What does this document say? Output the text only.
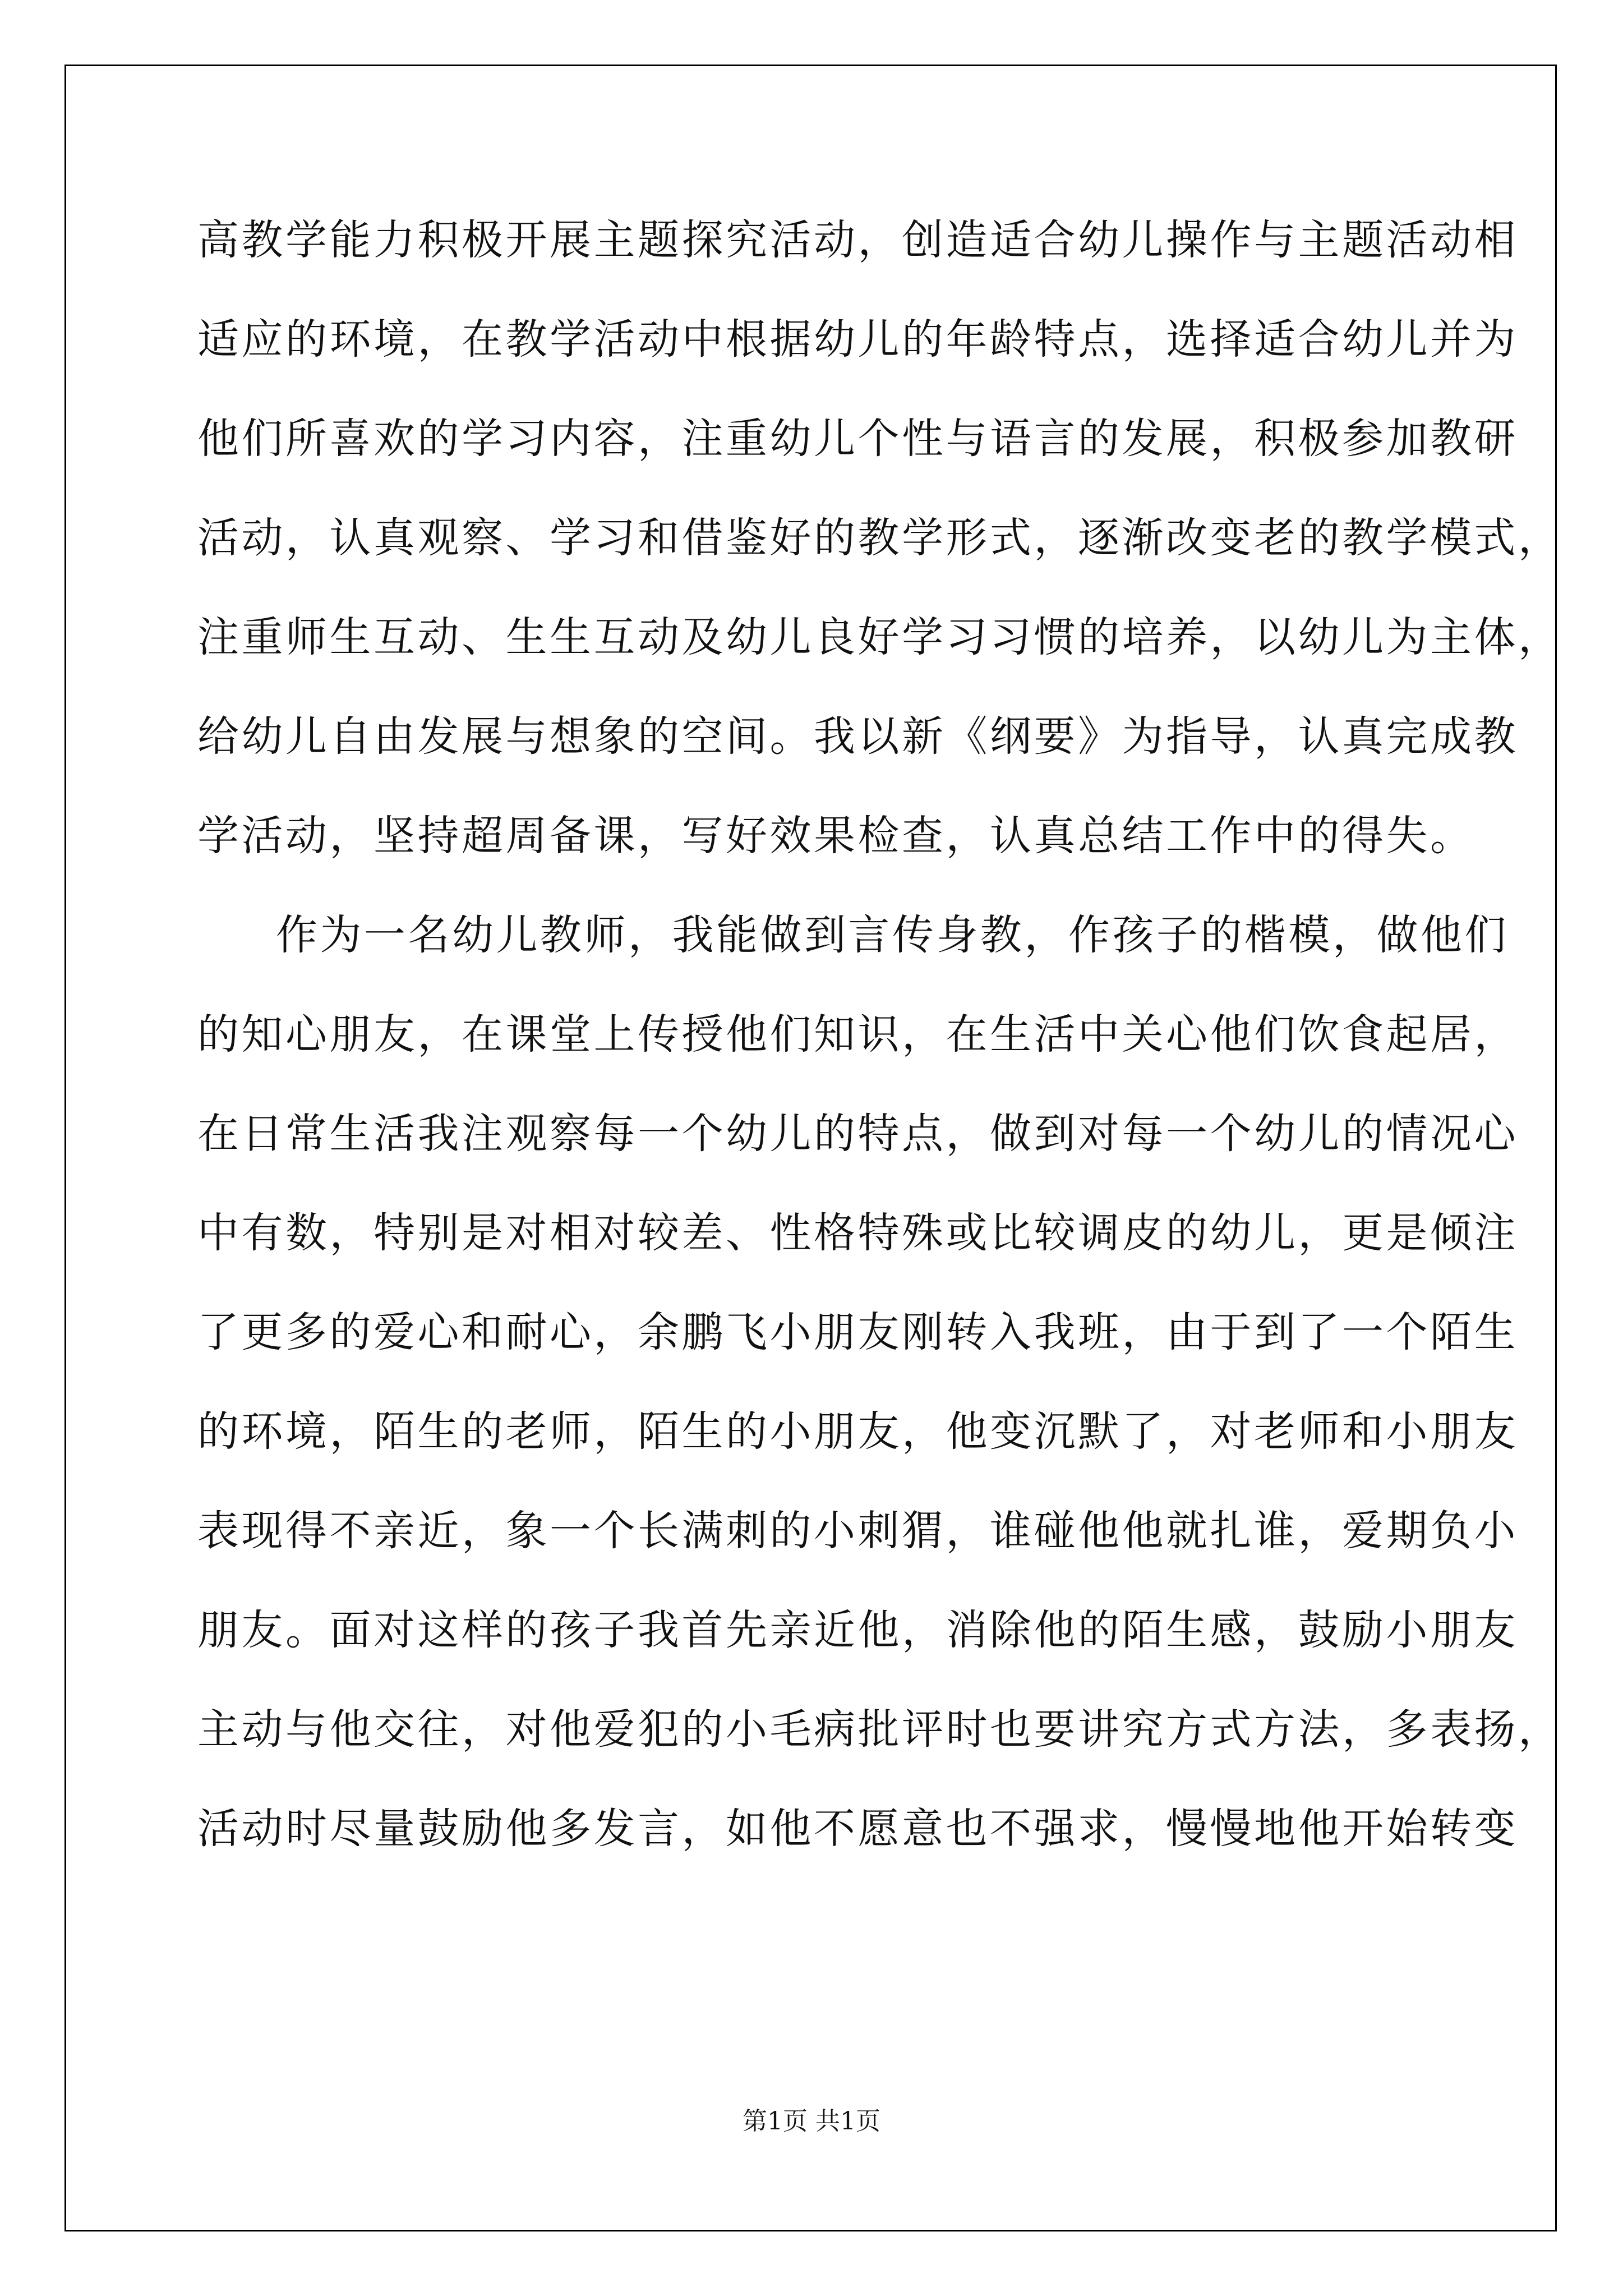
高教学能力积极开展主题探究活动，创造适合幼儿操作与主题活动相
适应的环境，在教学活动中根据幼儿的年龄特点，选择适合幼儿并为
他们所喜欢的学习内容，注重幼儿个性与语言的发展，积极参加教研
活动，认真观察、学习和借鉴好的教学形式，逐渐改变老的教学模式，
注重师生互动、生生互动及幼儿良好学习习惯的培养，以幼儿为主体，
给幼儿自由发展与想象的空间。我以新《纲要》为指导，认真完成教
学活动，坚持超周备课，写好效果检查，认真总结工作中的得失。
作为一名幼儿教师，我能做到言传身教，作孩子的楷模，做他们
的知心朋友，在课堂上传授他们知识，在生活中关心他们饮食起居，
在日常生活我注观察每一个幼儿的特点，做到对每一个幼儿的情况心
中有数，特别是对相对较差、性格特殊或比较调皮的幼儿，更是倾注
了更多的爱心和耐心，余鹏飞小朋友刚转入我班，由于到了一个陌生
的环境，陌生的老师，陌生的小朋友，他变沉默了，对老师和小朋友
表现得不亲近，象一个长满刺的小刺猬，谁碰他他就扎谁，爱期负小
朋友。面对这样的孩子我首先亲近他，消除他的陌生感，鼓励小朋友
主动与他交往，对他爱犯的小毛病批评时也要讲究方式方法，多表扬，
活动时尽量鼓励他多发言，如他不愿意也不强求，慢慢地他开始转变
第1页 共1页
